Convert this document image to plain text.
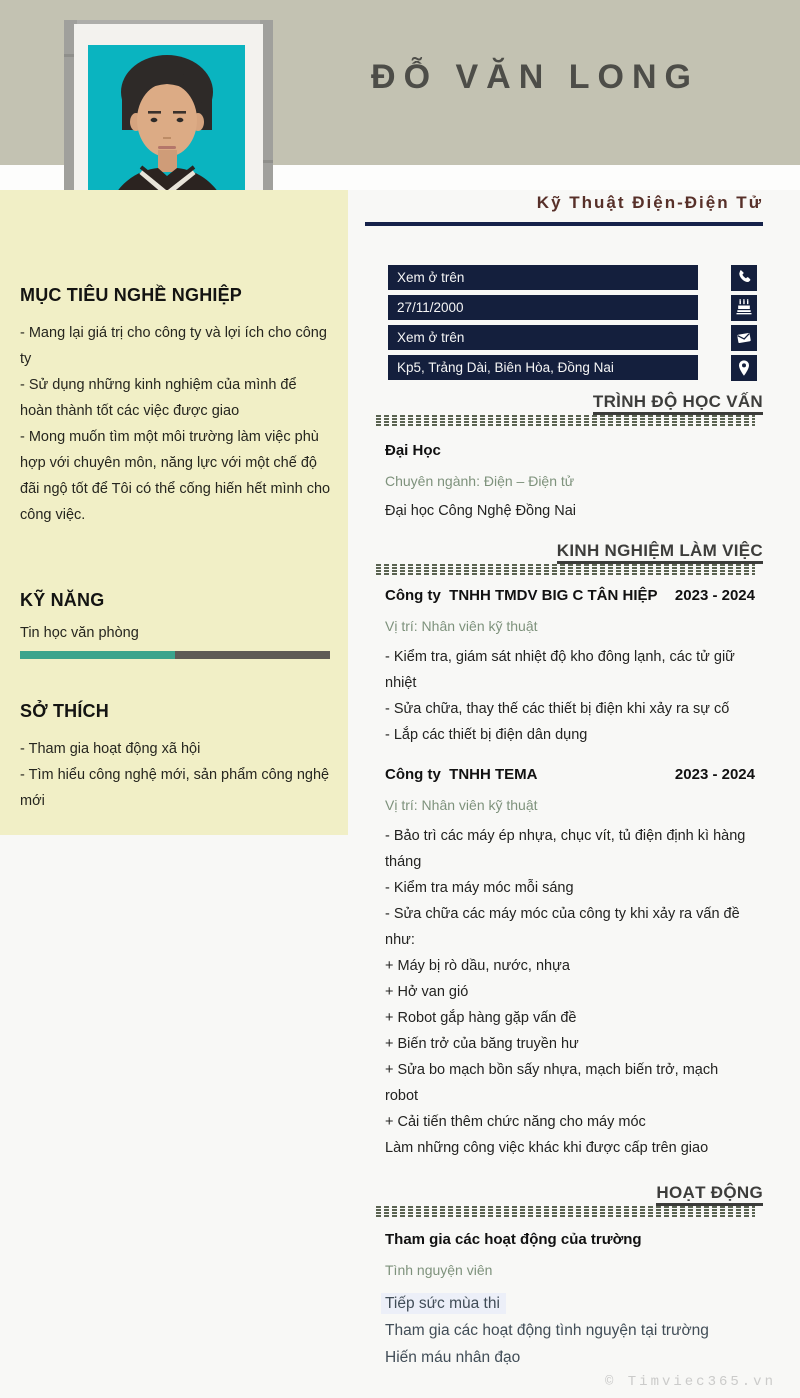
ĐỖ VĂN LONG
MỤC TIÊU NGHỀ NGHIỆP
- Mang lại giá trị cho công ty và lợi ích cho công ty
- Sử dụng những kinh nghiệm của mình để hoàn thành tốt các việc được giao
- Mong muốn tìm một môi trường làm việc phù hợp với chuyên môn, năng lực với một chế độ đãi ngộ tốt để Tôi có thể cống hiến hết mình cho công việc.
KỸ NĂNG
Tin học văn phòng
SỞ THÍCH
- Tham gia hoạt động xã hội
- Tìm hiểu công nghệ mới, sản phẩm công nghệ mới
Kỹ Thuật Điện-Điện Tử
Xem ở trên
27/11/2000
Xem ở trên
Kp5, Trảng Dài, Biên Hòa, Đồng Nai
TRÌNH ĐỘ HỌC VẤN
Đại Học
Chuyên ngành: Điện – Điện tử
Đại học Công Nghệ Đồng Nai
KINH NGHIỆM LÀM VIỆC
Công ty  TNHH TMDV BIG C TÂN HIỆP 2023 - 2024
Vị trí: Nhân viên kỹ thuật
- Kiểm tra, giám sát nhiệt độ kho đông lạnh, các tử giữ nhiệt
- Sửa chữa, thay thế các thiết bị điện khi xảy ra sự cố
- Lắp các thiết bị điện dân dụng
Công ty  TNHH TEMA	2023 - 2024
Vị trí: Nhân viên kỹ thuật
- Bảo trì các máy ép nhựa, chục vít, tủ điện định kì hàng tháng
- Kiểm tra máy móc mỗi sáng
- Sửa chữa các máy móc của công ty khi xảy ra vấn đề như:
+ Máy bị rò dầu, nước, nhựa
+ Hở van gió
+ Robot gắp hàng gặp vấn đề
+ Biến trở của băng truyền hư
+ Sửa bo mạch bồn sấy nhựa, mạch biến trở, mạch robot
+ Cải tiến thêm chức năng cho máy móc
Làm những công việc khác khi được cấp trên giao
HOẠT ĐỘNG
Tham gia các hoạt động của trường
Tình nguyện viên
Tiếp sức mùa thi
Tham gia các hoạt động tình nguyện tại trường
Hiến máu nhân đạo
© Timviec365.vn
